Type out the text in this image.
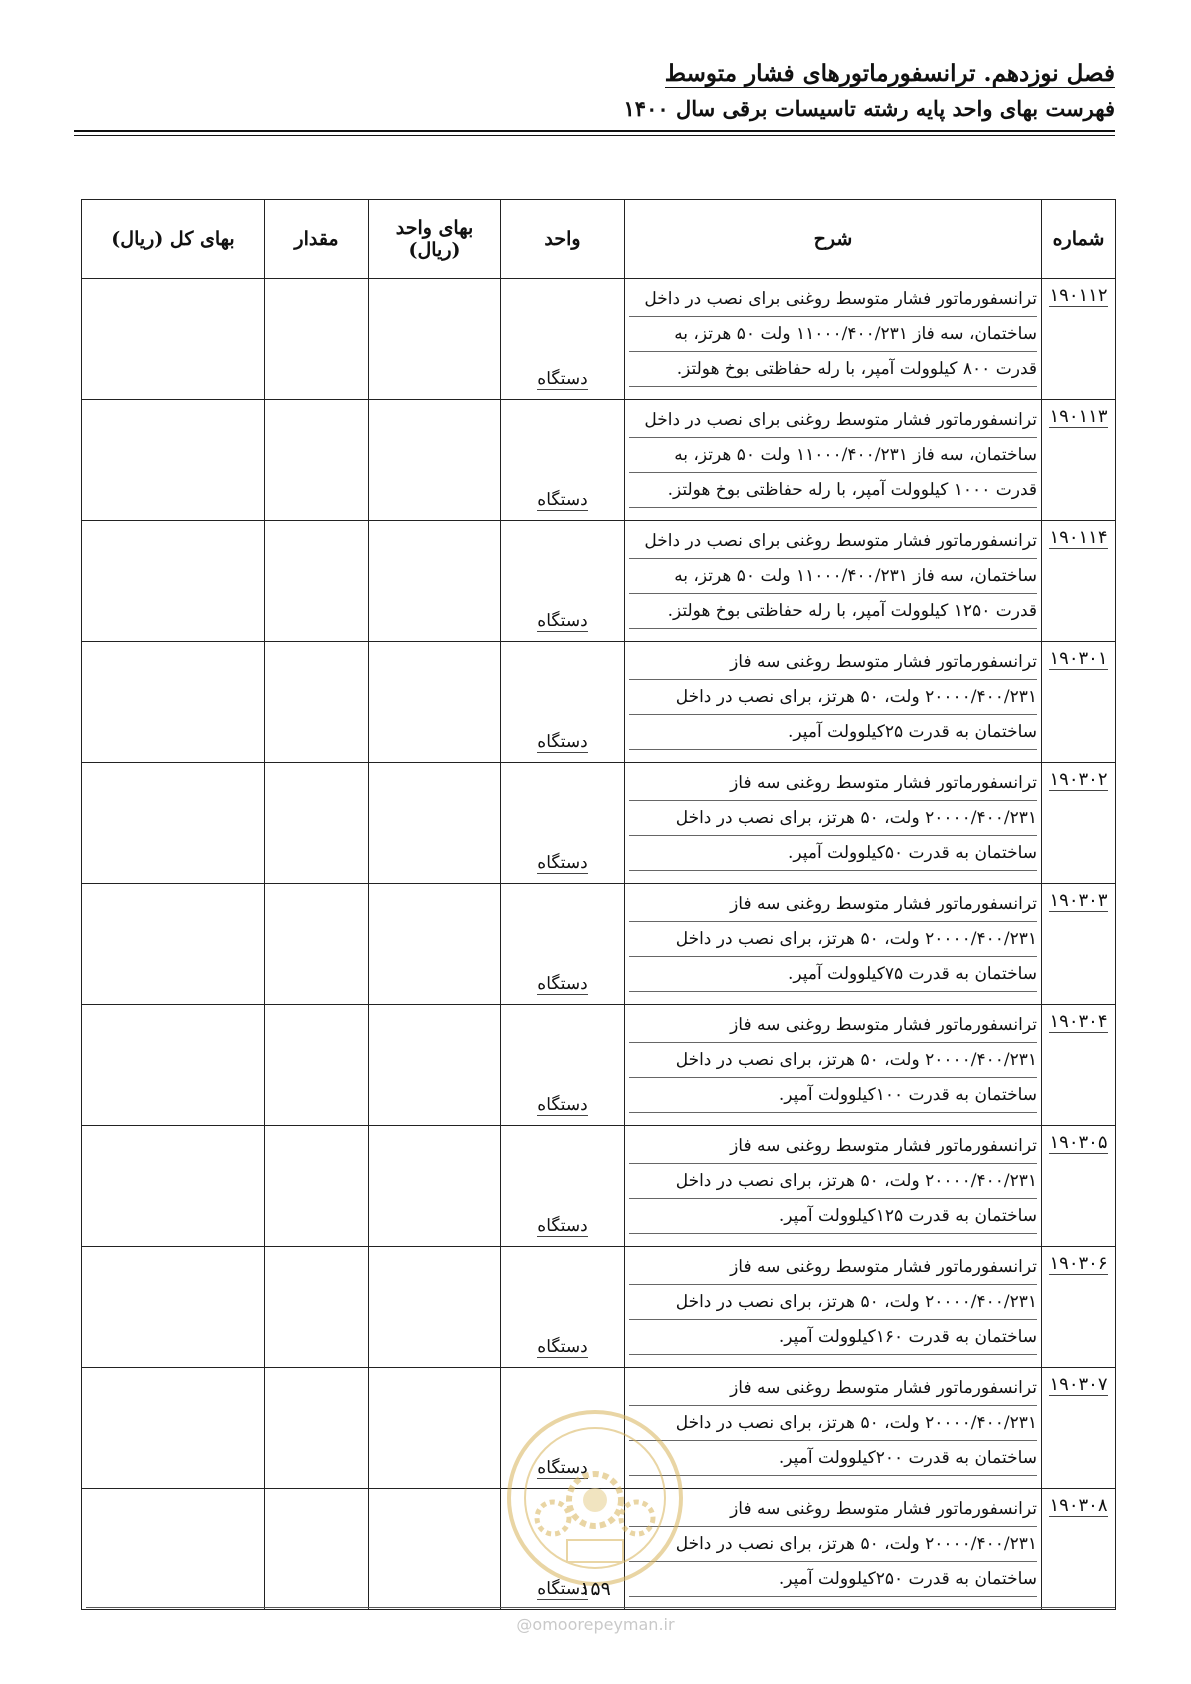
فصل نوزدهم. ترانسفورماتورهای فشار متوسط
فهرست بهای واحد پایه رشته تاسیسات برقی سال ۱۴۰۰
شماره	شرح	واحد	بهای واحد
(ریال)	مقدار	بهای کل (ریال)
۱۹۰۱۱۲	ترانسفورماتور فشار متوسط روغنی برای نصب در داخل
ساختمان، سه فاز ۱۱۰۰۰/۴۰۰/۲۳۱ ولت ۵۰ هرتز، به
قدرت ۸۰۰ کیلوولت آمپر، با رله حفاظتی بوخ هولتز.	دستگاه			
۱۹۰۱۱۳	ترانسفورماتور فشار متوسط روغنی برای نصب در داخل
ساختمان، سه فاز ۱۱۰۰۰/۴۰۰/۲۳۱ ولت ۵۰ هرتز، به
قدرت ۱۰۰۰ کیلوولت آمپر، با رله حفاظتی بوخ هولتز.	دستگاه			
۱۹۰۱۱۴	ترانسفورماتور فشار متوسط روغنی برای نصب در داخل
ساختمان، سه فاز ۱۱۰۰۰/۴۰۰/۲۳۱ ولت ۵۰ هرتز، به
قدرت ۱۲۵۰ کیلوولت آمپر، با رله حفاظتی بوخ هولتز.	دستگاه			
۱۹۰۳۰۱	ترانسفورماتور فشار متوسط روغنی سه فاز
۲۰۰۰۰/۴۰۰/۲۳۱ ولت، ۵۰ هرتز، برای نصب در داخل
ساختمان به قدرت ۲۵کیلوولت آمپر.	دستگاه			
۱۹۰۳۰۲	ترانسفورماتور فشار متوسط روغنی سه فاز
۲۰۰۰۰/۴۰۰/۲۳۱ ولت، ۵۰ هرتز، برای نصب در داخل
ساختمان به قدرت ۵۰کیلوولت آمپر.	دستگاه			
۱۹۰۳۰۳	ترانسفورماتور فشار متوسط روغنی سه فاز
۲۰۰۰۰/۴۰۰/۲۳۱ ولت، ۵۰ هرتز، برای نصب در داخل
ساختمان به قدرت ۷۵کیلوولت آمپر.	دستگاه			
۱۹۰۳۰۴	ترانسفورماتور فشار متوسط روغنی سه فاز
۲۰۰۰۰/۴۰۰/۲۳۱ ولت، ۵۰ هرتز، برای نصب در داخل
ساختمان به قدرت ۱۰۰کیلوولت آمپر.	دستگاه			
۱۹۰۳۰۵	ترانسفورماتور فشار متوسط روغنی سه فاز
۲۰۰۰۰/۴۰۰/۲۳۱ ولت، ۵۰ هرتز، برای نصب در داخل
ساختمان به قدرت ۱۲۵کیلوولت آمپر.	دستگاه			
۱۹۰۳۰۶	ترانسفورماتور فشار متوسط روغنی سه فاز
۲۰۰۰۰/۴۰۰/۲۳۱ ولت، ۵۰ هرتز، برای نصب در داخل
ساختمان به قدرت ۱۶۰کیلوولت آمپر.	دستگاه			
۱۹۰۳۰۷	ترانسفورماتور فشار متوسط روغنی سه فاز
۲۰۰۰۰/۴۰۰/۲۳۱ ولت، ۵۰ هرتز، برای نصب در داخل
ساختمان به قدرت ۲۰۰کیلوولت آمپر.	دستگاه			
۱۹۰۳۰۸	ترانسفورماتور فشار متوسط روغنی سه فاز
۲۰۰۰۰/۴۰۰/۲۳۱ ولت، ۵۰ هرتز، برای نصب در داخل
ساختمان به قدرت ۲۵۰کیلوولت آمپر.	دستگاه			
۱۵۹
@omoorepeyman.ir
